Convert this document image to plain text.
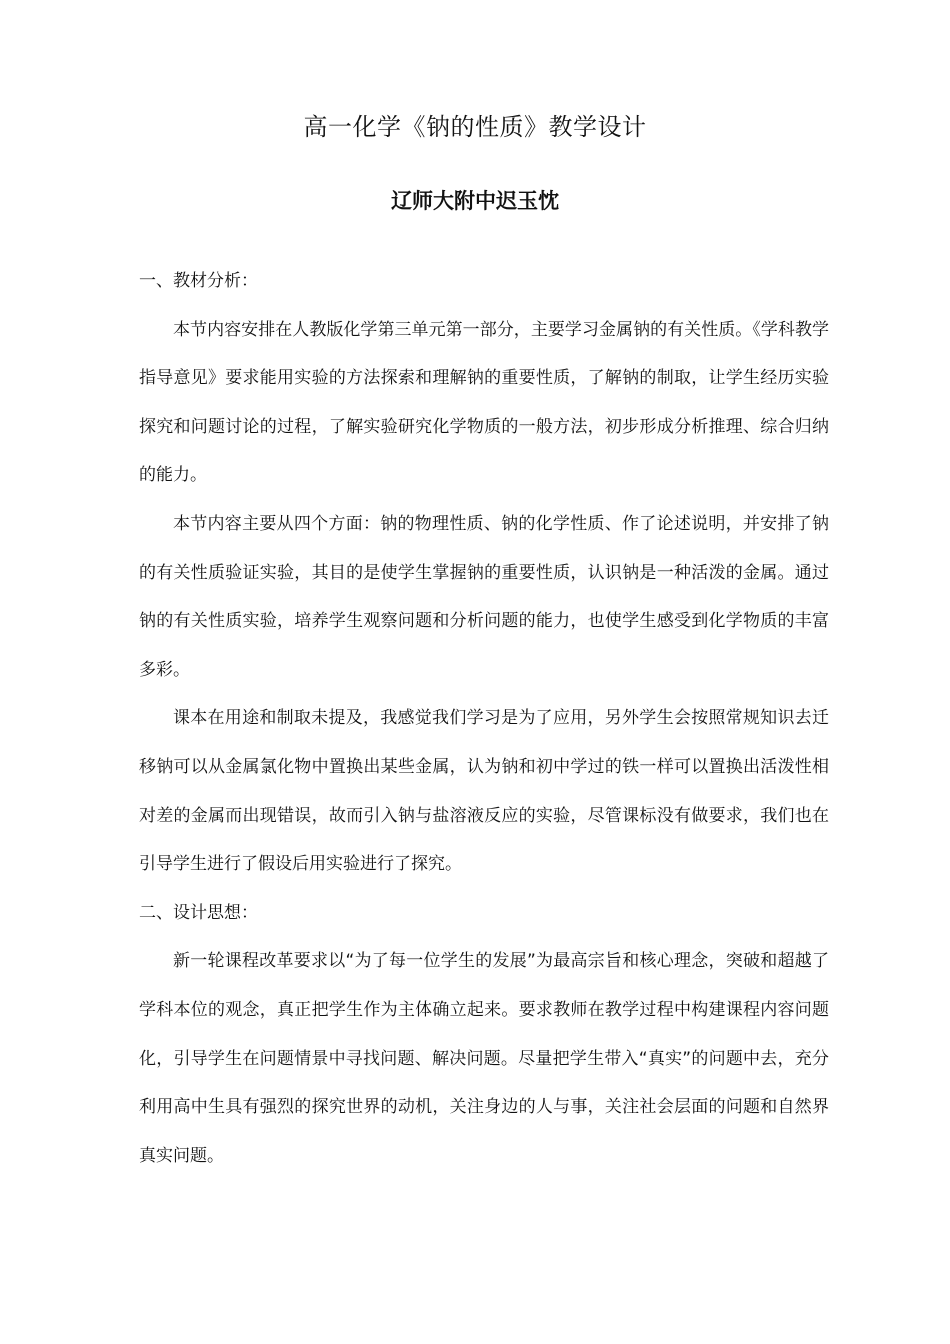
高一化学《钠的性质》教学设计
辽师大附中迟玉忱

一、教材分析：

本节内容安排在人教版化学第三单元第一部分，主要学习金属钠的有关性质。《学科教学指导意见》要求能用实验的方法探索和理解钠的重要性质，了解钠的制取，让学生经历实验探究和问题讨论的过程，了解实验研究化学物质的一般方法，初步形成分析推理、综合归纳的能力。

本节内容主要从四个方面：钠的物理性质、钠的化学性质、作了论述说明，并安排了钠的有关性质验证实验，其目的是使学生掌握钠的重要性质，认识钠是一种活泼的金属。通过钠的有关性质实验，培养学生观察问题和分析问题的能力，也使学生感受到化学物质的丰富多彩。

课本在用途和制取未提及，我感觉我们学习是为了应用，另外学生会按照常规知识去迁移钠可以从金属氯化物中置换出某些金属，认为钠和初中学过的铁一样可以置换出活泼性相对差的金属而出现错误，故而引入钠与盐溶液反应的实验，尽管课标没有做要求，我们也在引导学生进行了假设后用实验进行了探究。

二、设计思想：

新一轮课程改革要求以“为了每一位学生的发展”为最高宗旨和核心理念，突破和超越了学科本位的观念，真正把学生作为主体确立起来。要求教师在教学过程中构建课程内容问题化，引导学生在问题情景中寻找问题、解决问题。尽量把学生带入“真实”的问题中去，充分利用高中生具有强烈的探究世界的动机，关注身边的人与事，关注社会层面的问题和自然界真实问题。
